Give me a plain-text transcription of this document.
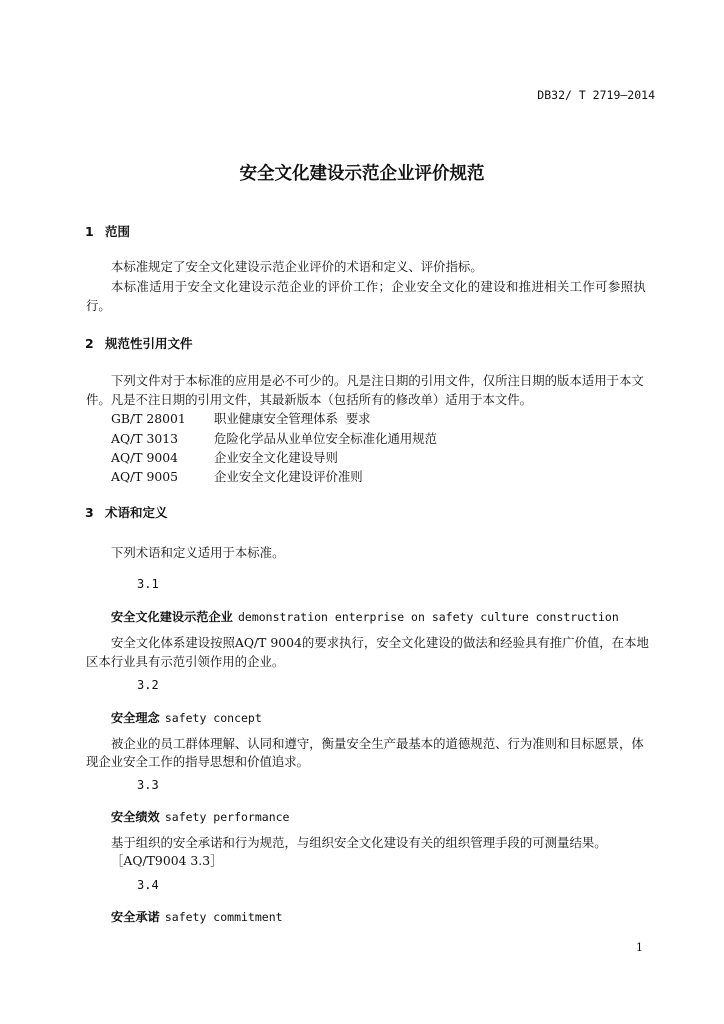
DB32/ T 2719—2014
安全文化建设示范企业评价规范
1 范围
本标准规定了安全文化建设示范企业评价的术语和定义、评价指标。
本标准适用于安全文化建设示范企业的评价工作；企业安全文化的建设和推进相关工作可参照执
行。
2 规范性引用文件
下列文件对于本标准的应用是必不可少的。凡是注日期的引用文件，仅所注日期的版本适用于本文
件。凡是不注日期的引用文件，其最新版本（包括所有的修改单）适用于本文件。
GB/T 28001 职业健康安全管理体系  要求
AQ/T 3013	危险化学品从业单位安全标准化通用规范
AQ/T 9004	企业安全文化建设导则
AQ/T 9005	企业安全文化建设评价准则
3 术语和定义
下列术语和定义适用于本标准。
3.1
安全文化建设示范企业 demonstration enterprise on safety culture construction
安全文化体系建设按照AQ/T 9004的要求执行，安全文化建设的做法和经验具有推广价值，在本地
区本行业具有示范引领作用的企业。
3.2
安全理念 safety concept
被企业的员工群体理解、认同和遵守，衡量安全生产最基本的道德规范、行为准则和目标愿景，体
现企业安全工作的指导思想和价值追求。
3.3
安全绩效 safety performance
基于组织的安全承诺和行为规范，与组织安全文化建设有关的组织管理手段的可测量结果。
［AQ/T9004 3.3］
3.4
安全承诺 safety commitment
1
